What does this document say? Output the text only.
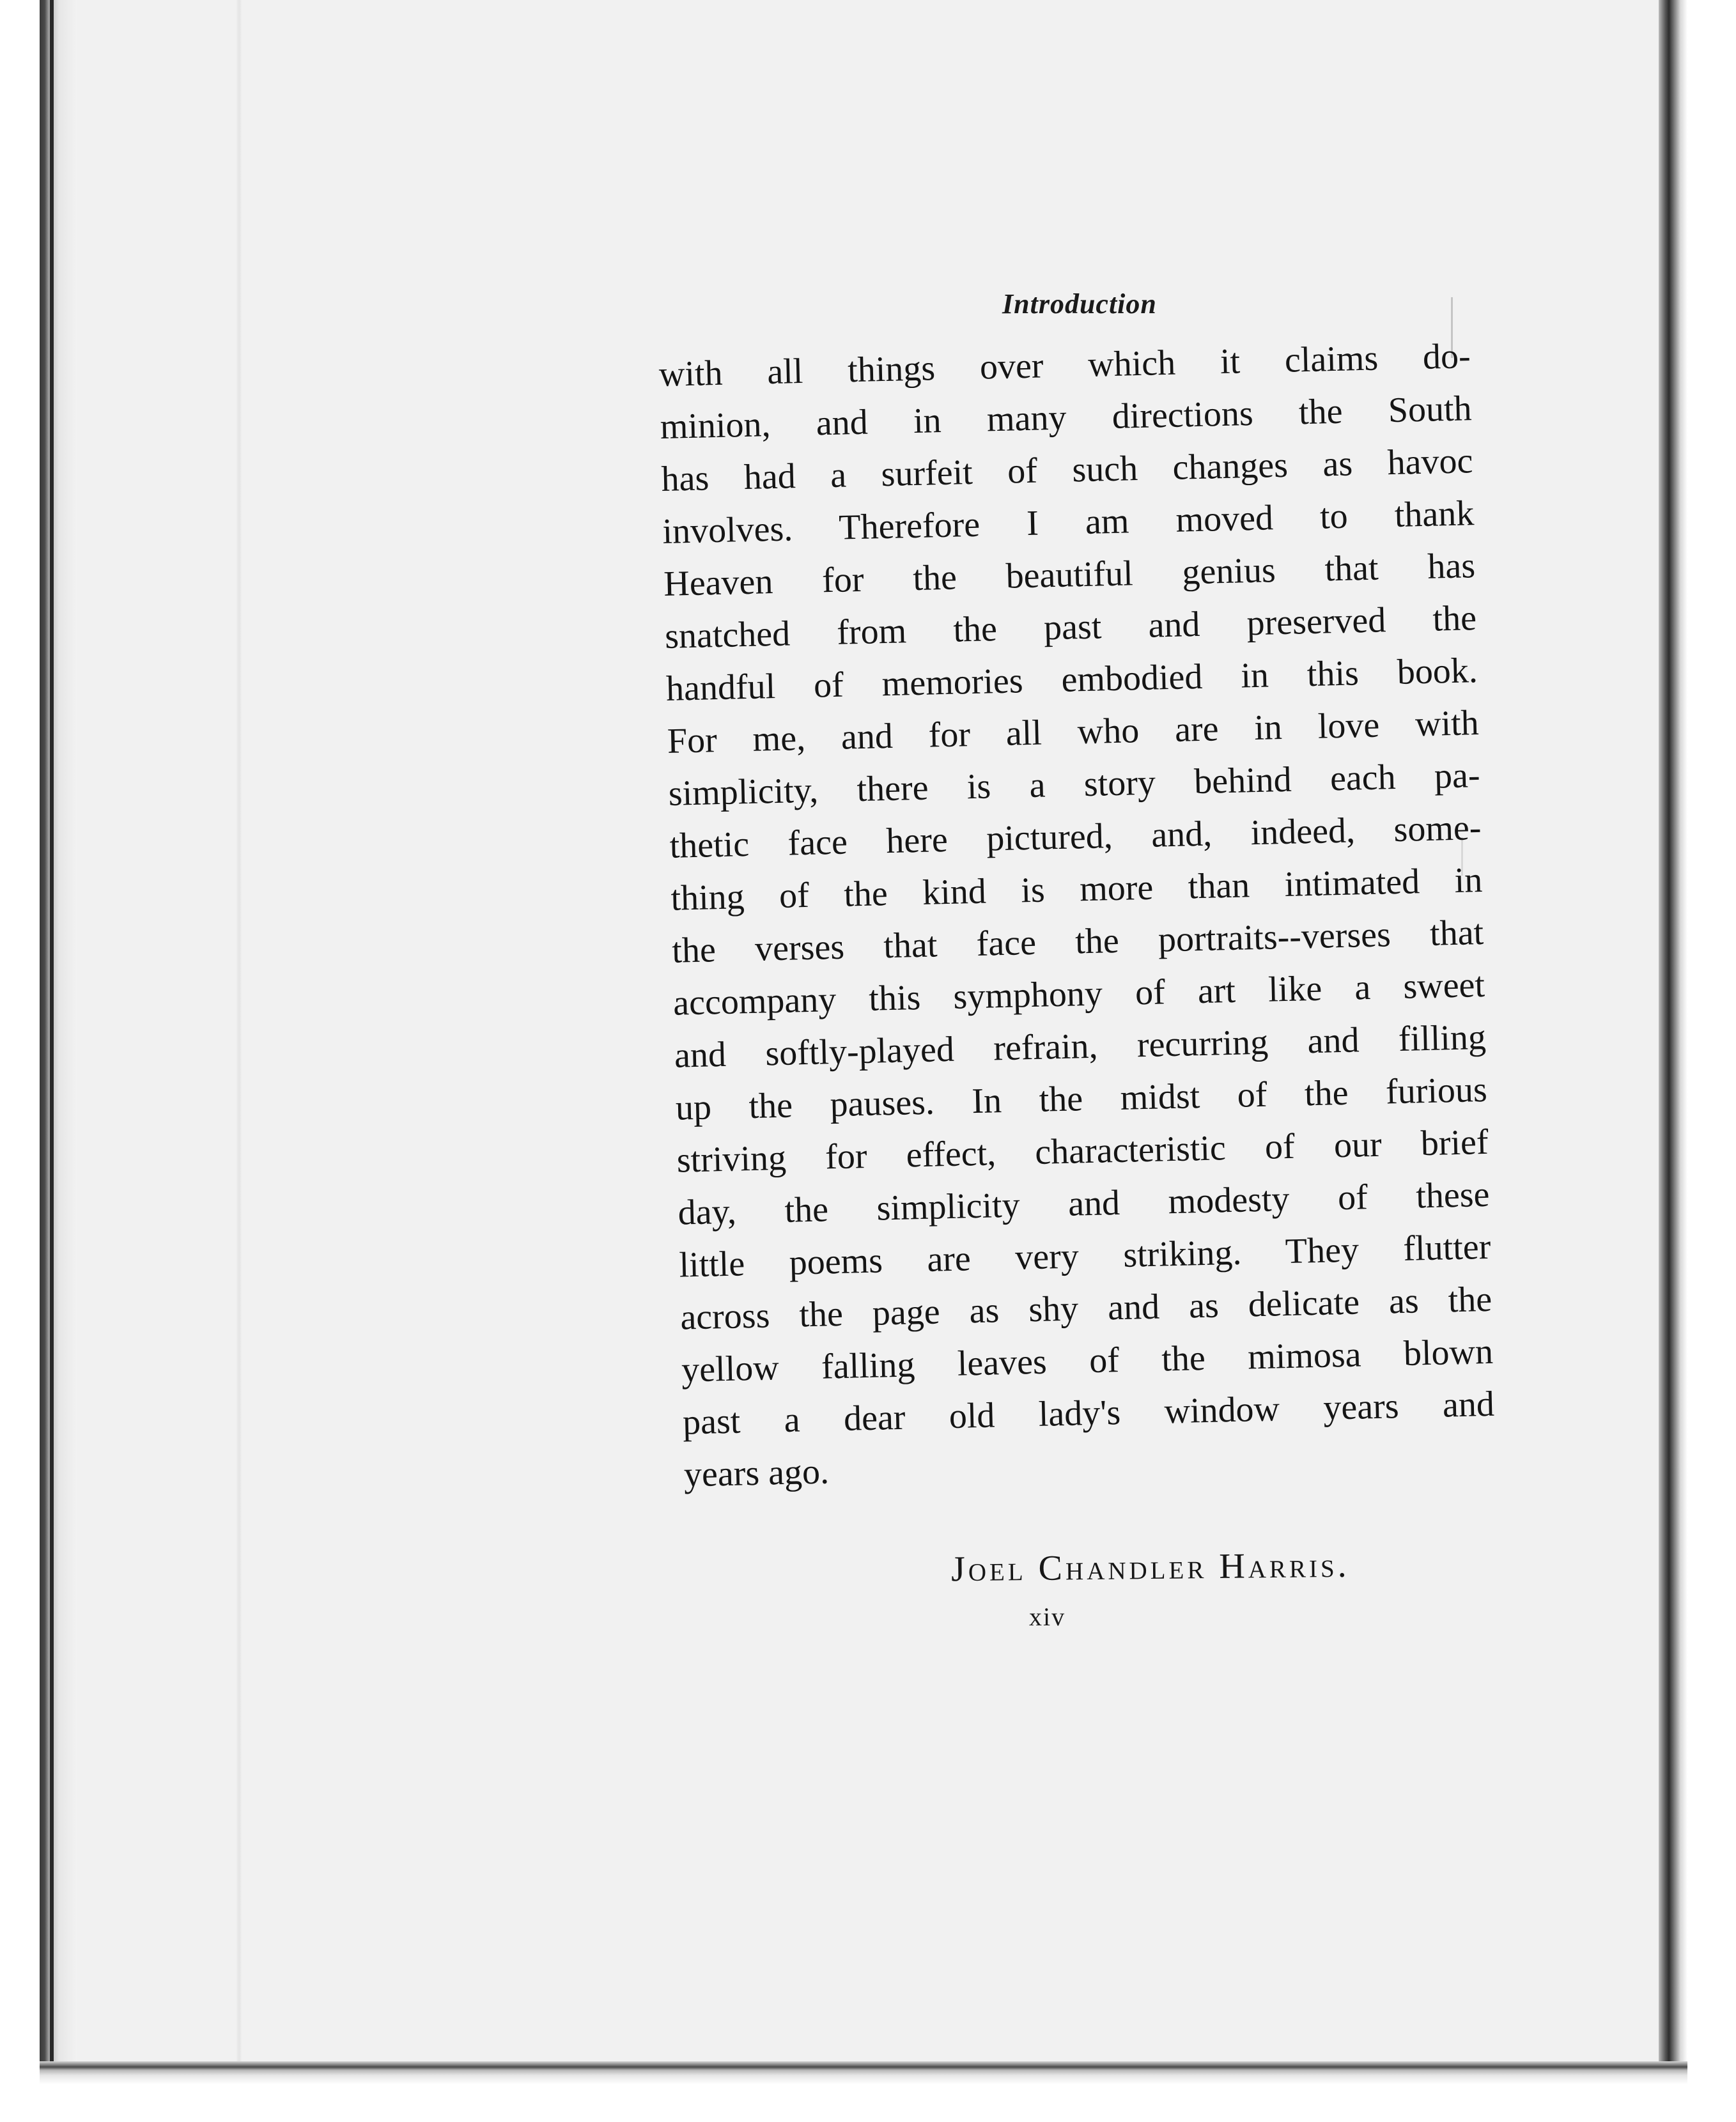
Introduction
with all things over which it claims do-
minion, and in many directions the South
has had a surfeit of such changes as havoc
involves. Therefore I am moved to thank
Heaven for the beautiful genius that has
snatched from the past and preserved the
handful of memories embodied in this book.
For me, and for all who are in love with
simplicity, there is a story behind each pa-
thetic face here pictured, and, indeed, some-
thing of the kind is more than intimated in
the verses that face the portraits--verses that
accompany this symphony of art like a sweet
and softly-played refrain, recurring and filling
up the pauses. In the midst of the furious
striving for effect, characteristic of our brief
day, the simplicity and modesty of these
little poems are very striking. They flutter
across the page as shy and as delicate as the
yellow falling leaves of the mimosa blown
past a dear old lady's window years and
years ago.
Joel Chandler Harris.
xiv
